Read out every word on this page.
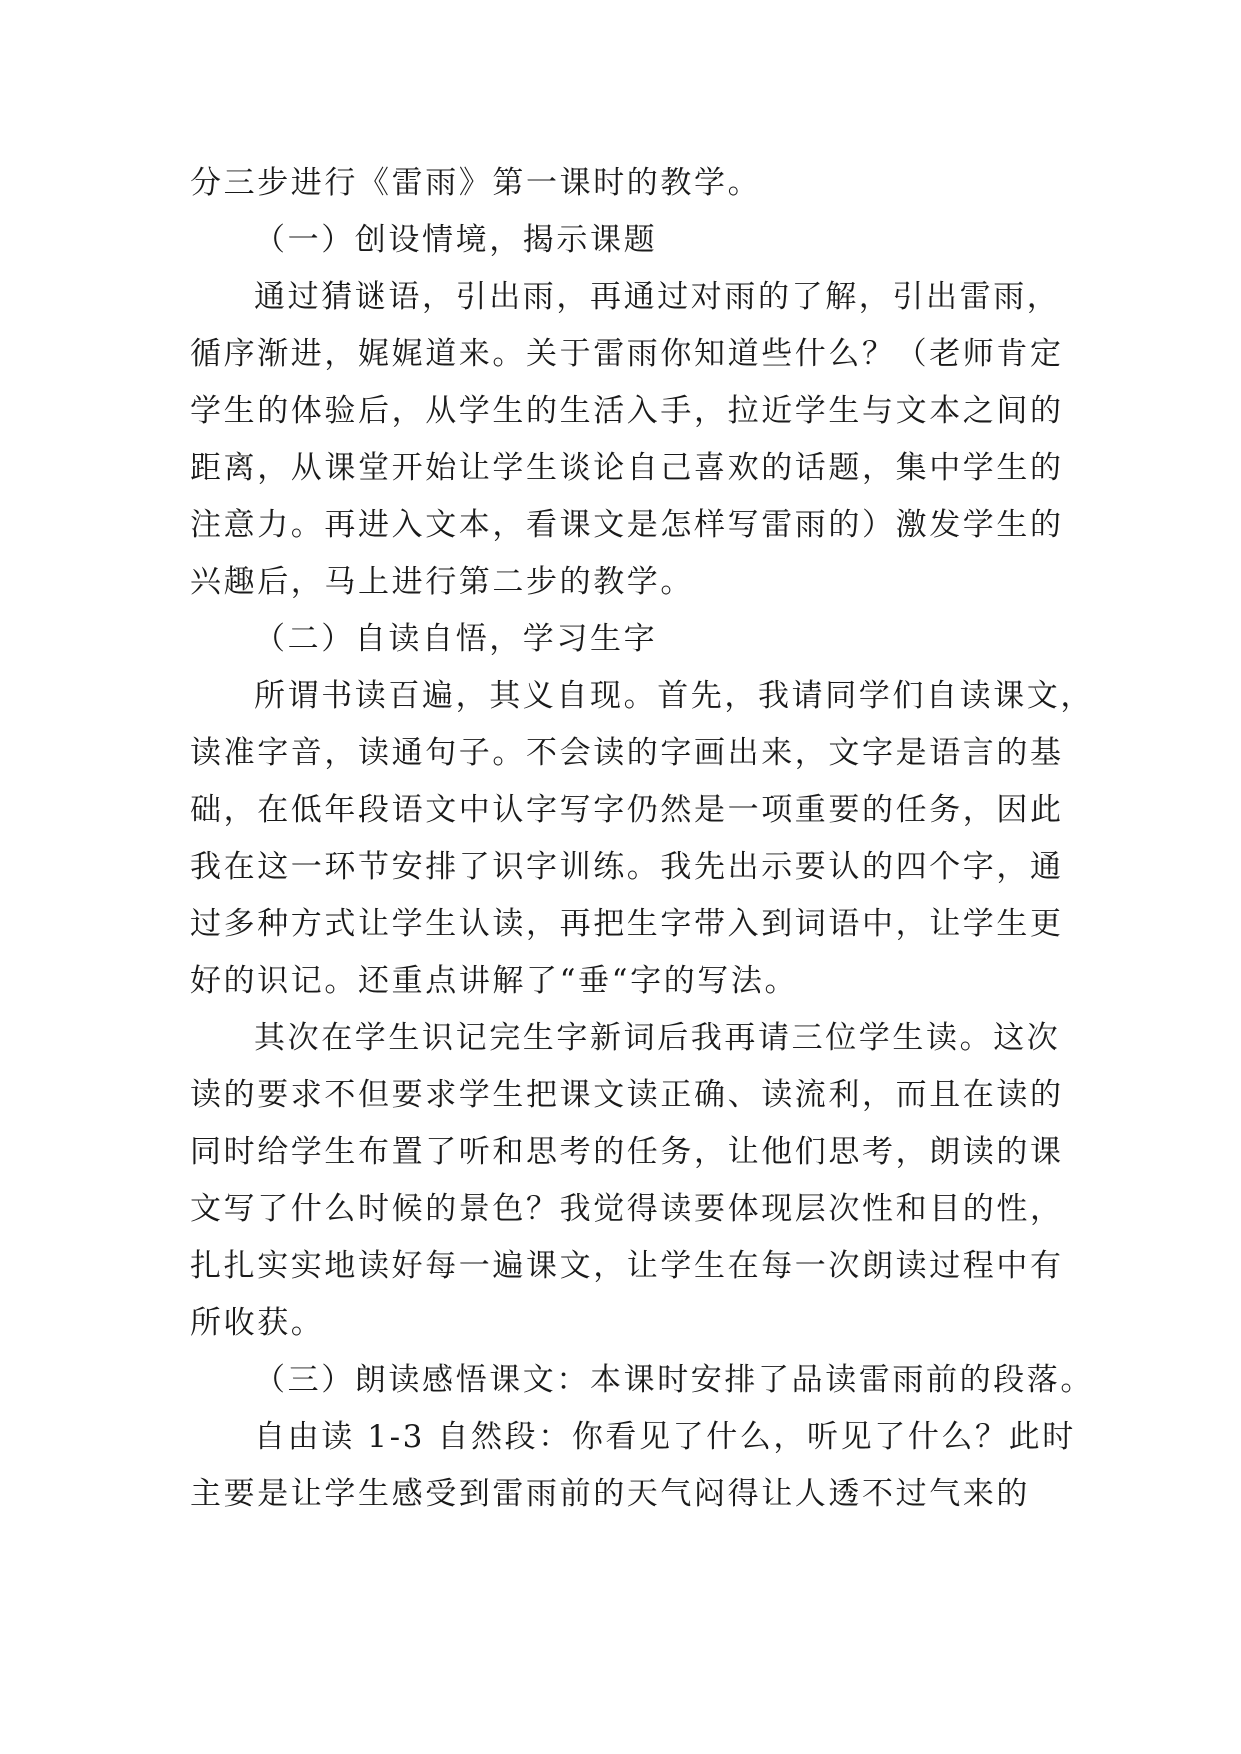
分三步进行《雷雨》第一课时的教学。
（一）创设情境，揭示课题
通过猜谜语，引出雨，再通过对雨的了解，引出雷雨，
循序渐进，娓娓道来。关于雷雨你知道些什么？（老师肯定
学生的体验后，从学生的生活入手，拉近学生与文本之间的
距离，从课堂开始让学生谈论自己喜欢的话题，集中学生的
注意力。再进入文本，看课文是怎样写雷雨的）激发学生的
兴趣后，马上进行第二步的教学。
（二）自读自悟，学习生字
所谓书读百遍，其义自现。首先，我请同学们自读课文，
读准字音，读通句子。不会读的字画出来，文字是语言的基
础，在低年段语文中认字写字仍然是一项重要的任务，因此
我在这一环节安排了识字训练。我先出示要认的四个字，通
过多种方式让学生认读，再把生字带入到词语中，让学生更
好的识记。还重点讲解了“垂“字的写法。
其次在学生识记完生字新词后我再请三位学生读。这次
读的要求不但要求学生把课文读正确、读流利，而且在读的
同时给学生布置了听和思考的任务，让他们思考，朗读的课
文写了什么时候的景色？我觉得读要体现层次性和目的性，
扎扎实实地读好每一遍课文，让学生在每一次朗读过程中有
所收获。
（三）朗读感悟课文：本课时安排了品读雷雨前的段落。
自由读 1-3 自然段：你看见了什么，听见了什么？此时
主要是让学生感受到雷雨前的天气闷得让人透不过气来的
